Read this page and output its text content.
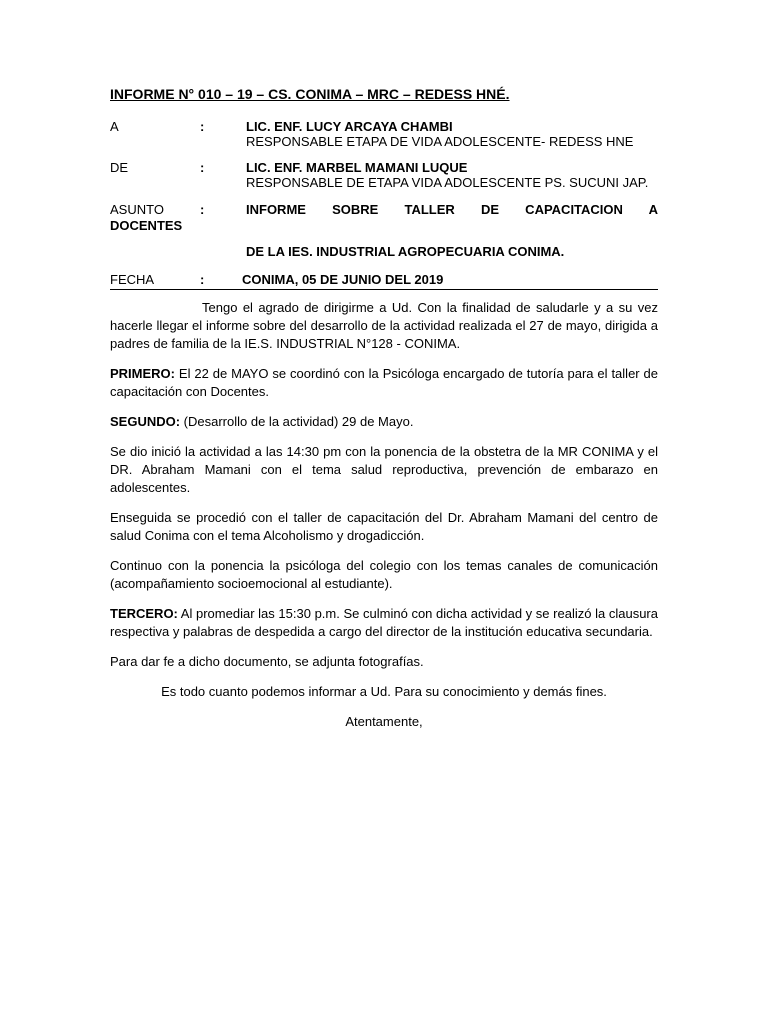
INFORME N° 010 – 19 – CS. CONIMA – MRC – REDESS HNÉ.
A	:	LIC. ENF. LUCY ARCAYA CHAMBI
RESPONSABLE ETAPA DE VIDA ADOLESCENTE- REDESS HNE
DE	:	LIC. ENF. MARBEL MAMANI LUQUE
RESPONSABLE DE ETAPA VIDA ADOLESCENTE PS. SUCUNI JAP.
ASUNTO	:	INFORME SOBRE TALLER DE CAPACITACION A
DOCENTES
DE LA IES. INDUSTRIAL AGROPECUARIA CONIMA.
FECHA	:	CONIMA, 05 DE JUNIO DEL 2019

Tengo el agrado de dirigirme a Ud. Con la finalidad de saludarle y a su vez hacerle llegar el informe sobre del desarrollo de la actividad realizada el 27 de mayo, dirigida a padres de familia de la IE.S. INDUSTRIAL N°128 - CONIMA.

PRIMERO: El 22 de MAYO se coordinó con la Psicóloga encargado de tutoría para el taller de capacitación con Docentes.

SEGUNDO: (Desarrollo de la actividad) 29 de Mayo.

Se dio inició la actividad a las 14:30 pm con la ponencia de la obstetra de la MR CONIMA y el DR. Abraham Mamani con el tema salud reproductiva, prevención de embarazo en adolescentes.

Enseguida se procedió con el taller de capacitación del Dr. Abraham Mamani del centro de salud Conima con el tema Alcoholismo y drogadicción.

Continuo con la ponencia la psicóloga del colegio con los temas canales de comunicación (acompañamiento socioemocional al estudiante).

TERCERO: Al promediar las 15:30 p.m. Se culminó con dicha actividad y se realizó la clausura respectiva y palabras de despedida a cargo del director de la institución educativa secundaria.

Para dar fe a dicho documento, se adjunta fotografías.

Es todo cuanto podemos informar a Ud. Para su conocimiento y demás fines.

Atentamente,
